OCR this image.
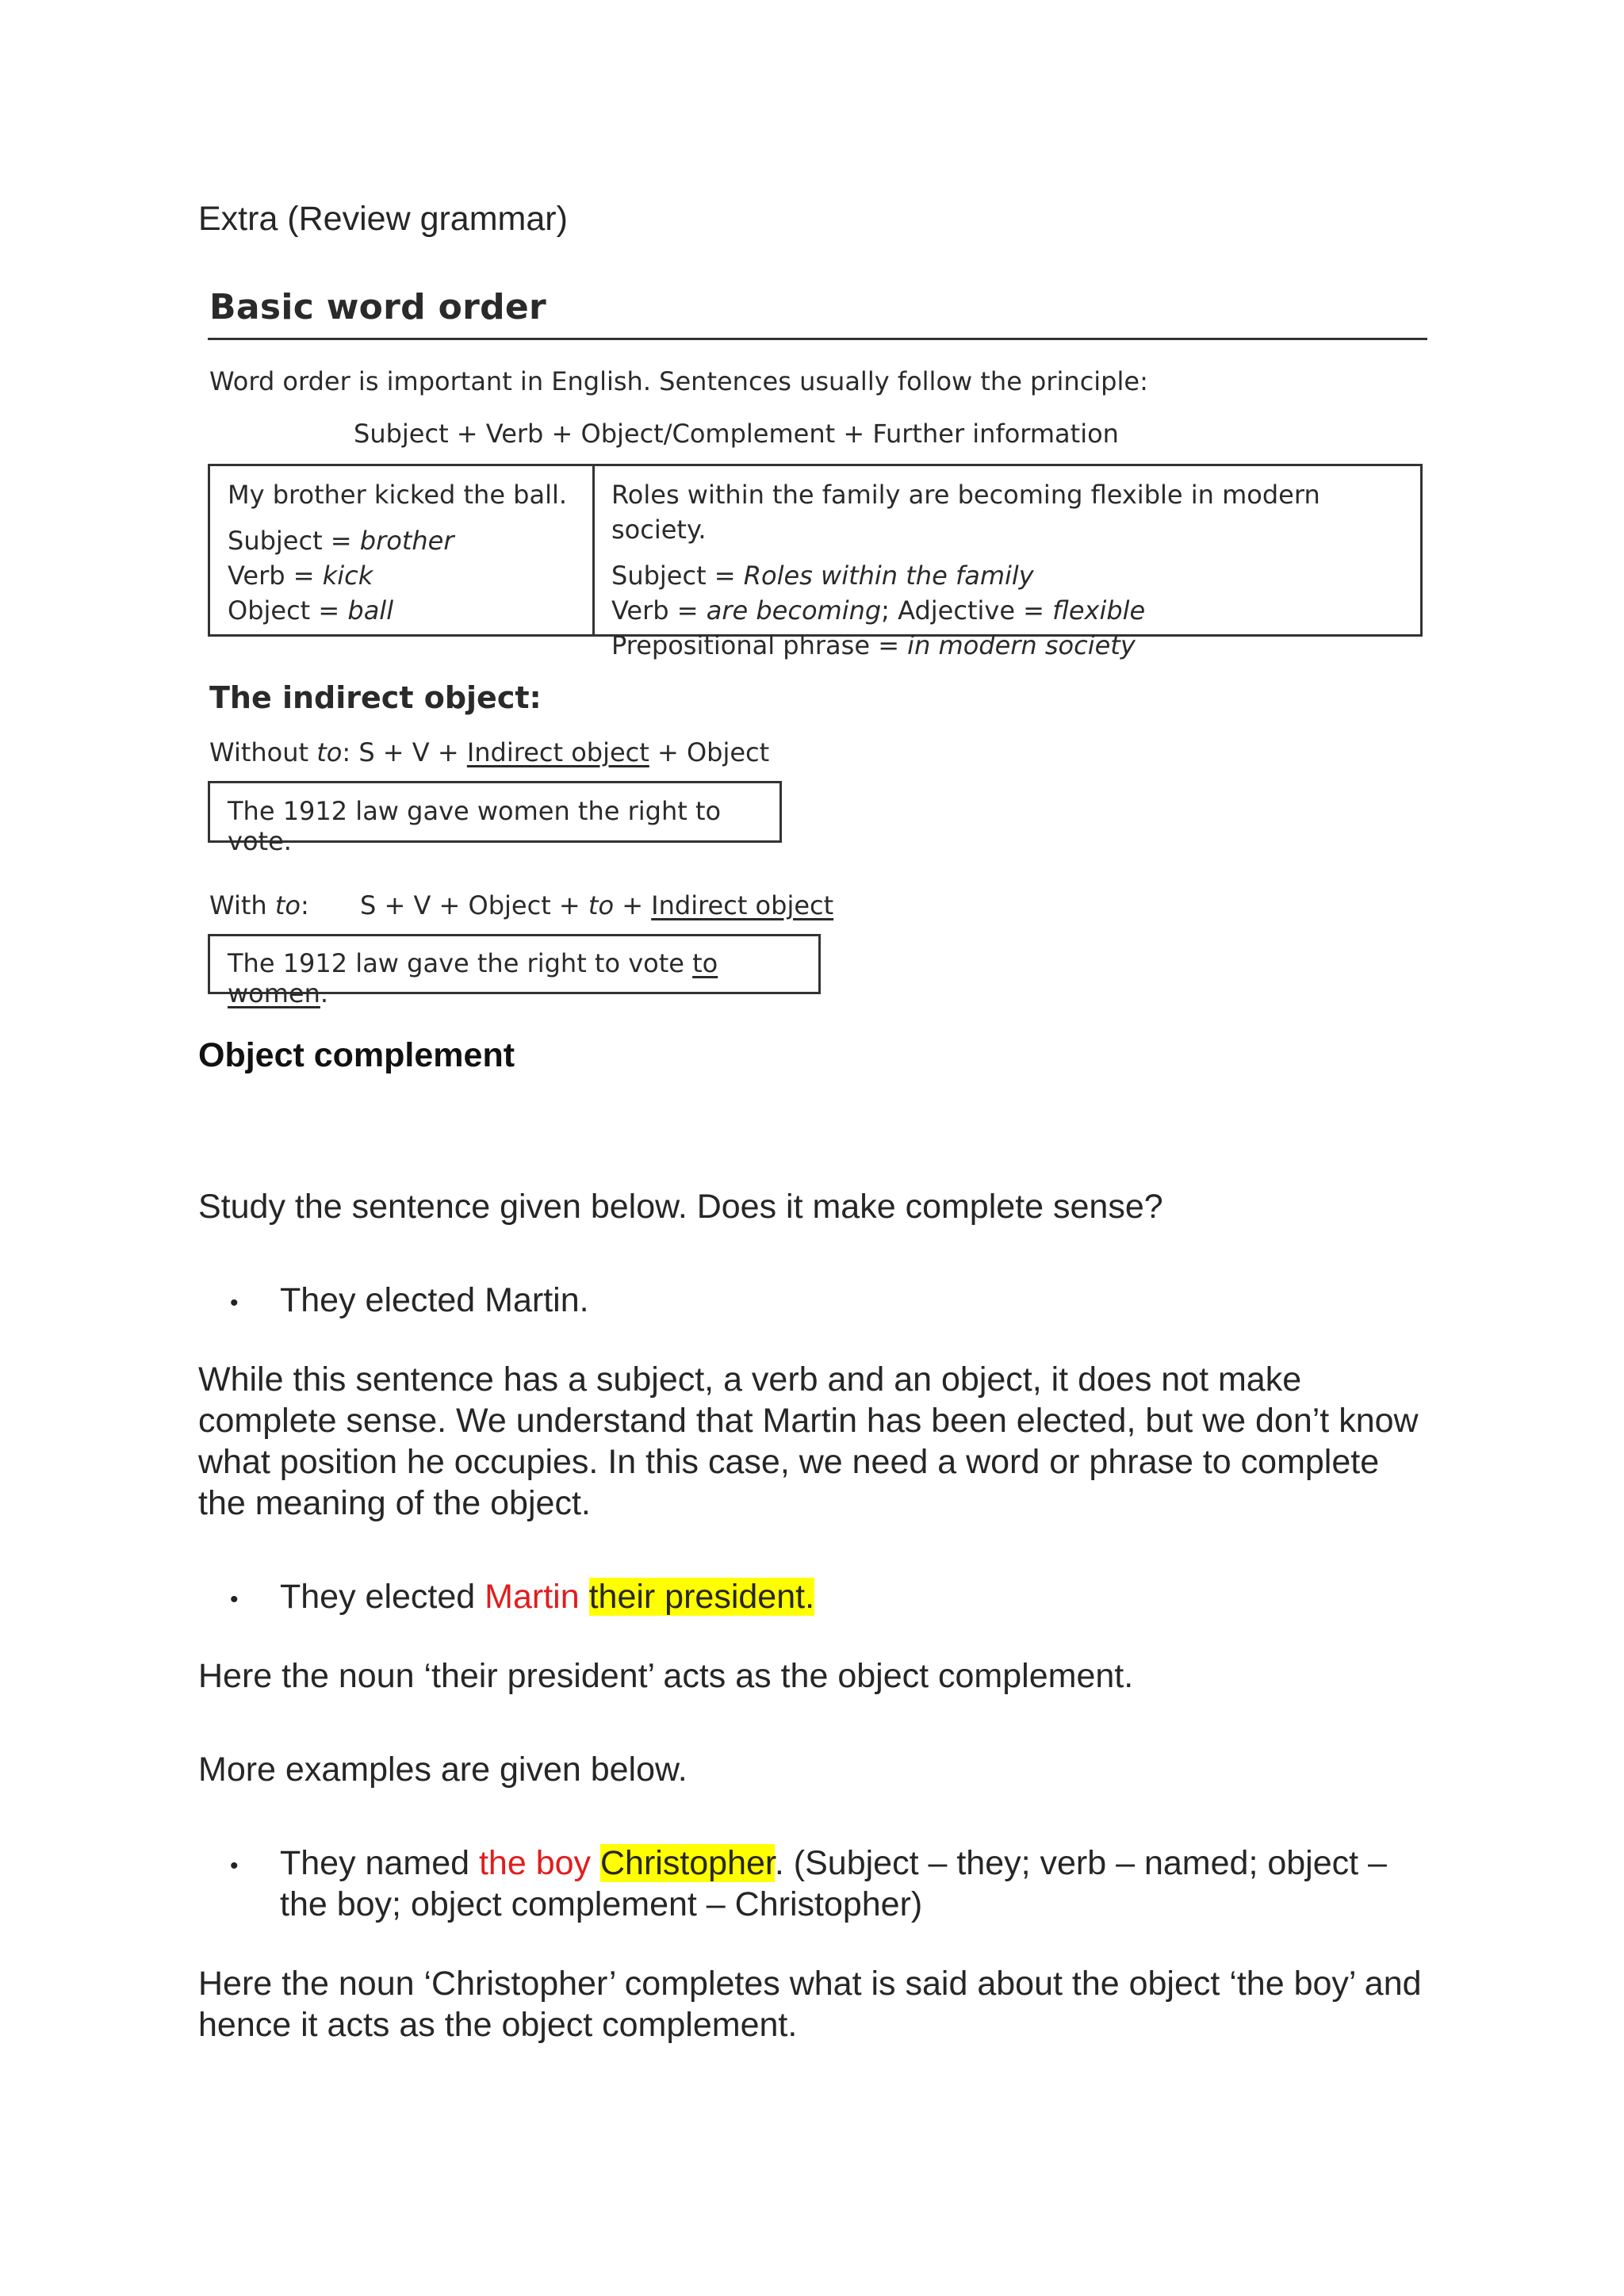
Extra (Review grammar)
Basic word order
Word order is important in English. Sentences usually follow the principle:
Subject + Verb + Object/Complement + Further information
My brother kicked the ball.
Subject = brother
Verb = kick
Object = ball
Roles within the family are becoming flexible in modern society.
Subject = Roles within the family
Verb = are becoming; Adjective = flexible
Prepositional phrase = in modern society
The indirect object:
Without to: S + V + Indirect object + Object
The 1912 law gave women the right to vote.
With to: S + V + Object + to + Indirect object
The 1912 law gave the right to vote to women.
Object complement
Study the sentence given below. Does it make complete sense?
• They elected Martin.
While this sentence has a subject, a verb and an object, it does not make complete sense. We understand that Martin has been elected, but we don’t know what position he occupies. In this case, we need a word or phrase to complete the meaning of the object.
• They elected Martin their president.
Here the noun ‘their president’ acts as the object complement.
More examples are given below.
• They named the boy Christopher. (Subject – they; verb – named; object – the boy; object complement – Christopher)
Here the noun ‘Christopher’ completes what is said about the object ‘the boy’ and hence it acts as the object complement.
